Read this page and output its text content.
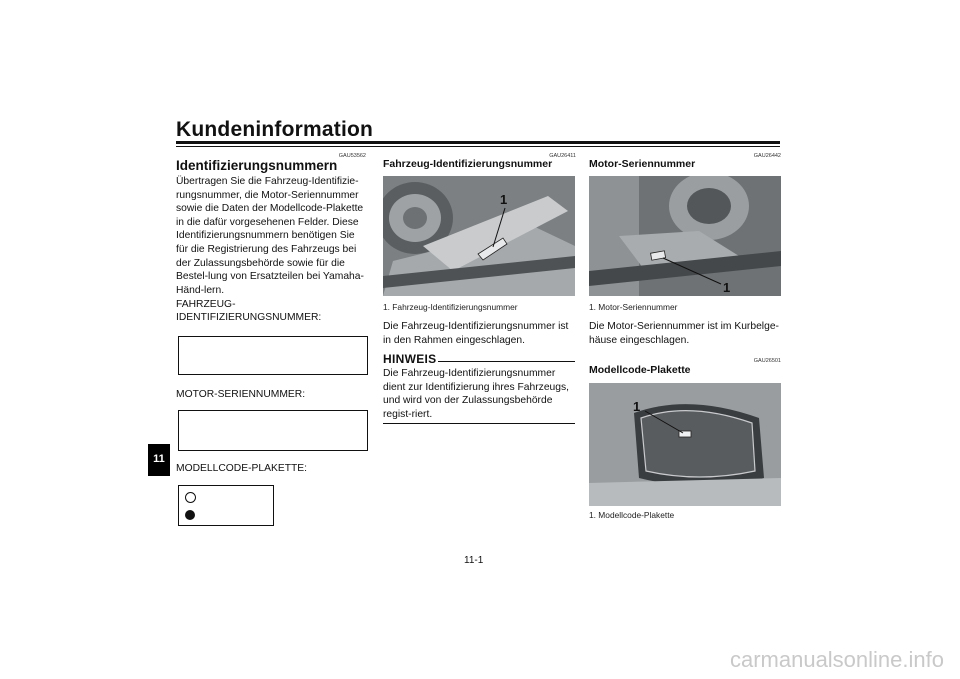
Kundeninformation
11
GAU53562
Identifizierungsnummern
Übertragen Sie die Fahrzeug-Identifizie-rungsnummer, die Motor-Seriennummer sowie die Daten der Modellcode-Plakette in die dafür vorgesehenen Felder. Diese Identifizierungsnummern benötigen Sie für die Registrierung des Fahrzeugs bei der Zulassungsbehörde sowie für die Bestel-lung von Ersatzteilen bei Yamaha-Händ-lern.
FAHRZEUG-
IDENTIFIZIERUNGSNUMMER:
MOTOR-SERIENNUMMER:
MODELLCODE-PLAKETTE:
GAU26411
Fahrzeug-Identifizierungsnummer
1
1. Fahrzeug-Identifizierungsnummer
Die Fahrzeug-Identifizierungsnummer ist in den Rahmen eingeschlagen.
HINWEIS
Die Fahrzeug-Identifizierungsnummer dient zur Identifizierung ihres Fahrzeugs, und wird von der Zulassungsbehörde regist-riert.
GAU26442
Motor-Seriennummer
1
1. Motor-Seriennummer
Die Motor-Seriennummer ist im Kurbelge-häuse eingeschlagen.
GAU26501
Modellcode-Plakette
1
1. Modellcode-Plakette
11-1
carmanualsonline.info
